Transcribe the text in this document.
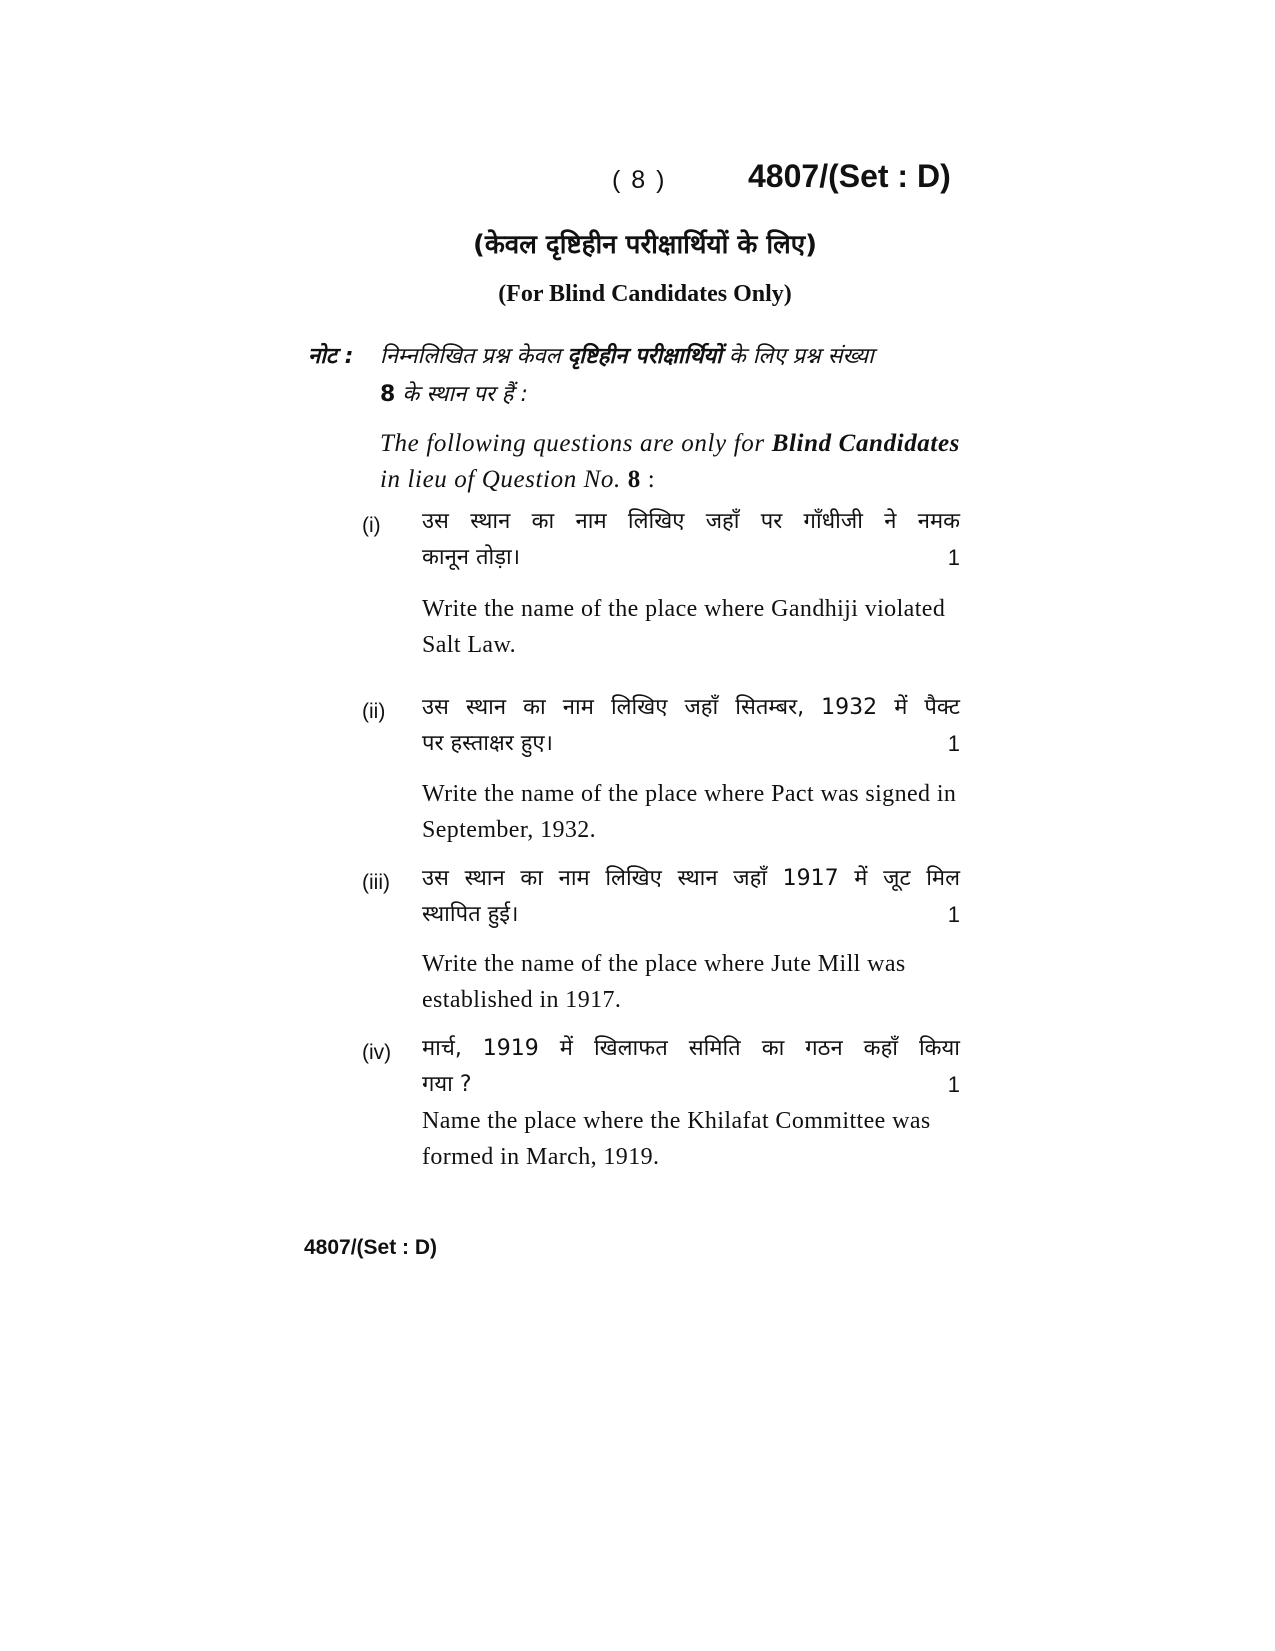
( 8 )	4807/(Set : D)
(केवल दृष्टिहीन परीक्षार्थियों के लिए)
(For Blind Candidates Only)
नोट : निम्नलिखित प्रश्न केवल दृष्टिहीन परीक्षार्थियों के लिए प्रश्न संख्या
8 के स्थान पर हैं :
The following questions are only for Blind Candidates in lieu of Question No. 8 :
(i) उस स्थान का नाम लिखिए जहाँ पर गाँधीजी ने नमक
कानून तोड़ा।	1
Write the name of the place where Gandhiji violated Salt Law.
(ii) उस स्थान का नाम लिखिए जहाँ सितम्बर, 1932 में पैक्ट
पर हस्ताक्षर हुए।	1
Write the name of the place where Pact was signed in September, 1932.
(iii) उस स्थान का नाम लिखिए स्थान जहाँ 1917 में जूट मिल
स्थापित हुई।	1
Write the name of the place where Jute Mill was established in 1917.
(iv) मार्च, 1919 में खिलाफत समिति का गठन कहाँ किया
गया ?	1
Name the place where the Khilafat Committee was formed in March, 1919.
4807/(Set : D)
